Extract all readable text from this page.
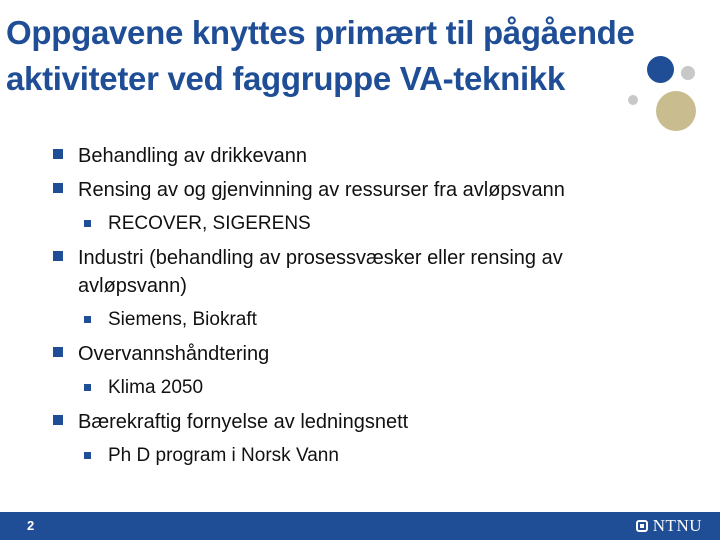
Oppgavene knyttes primært til pågående
aktiviteter ved faggruppe VA-teknikk
Behandling av drikkevann
Rensing av og gjenvinning av ressurser fra avløpsvann
RECOVER, SIGERENS
Industri (behandling av prosessvæsker eller rensing av avløpsvann)
Siemens, Biokraft
Overvannshåndtering
Klima 2050
Bærekraftig fornyelse av ledningsnett
Ph D program i Norsk Vann
2	NTNU
